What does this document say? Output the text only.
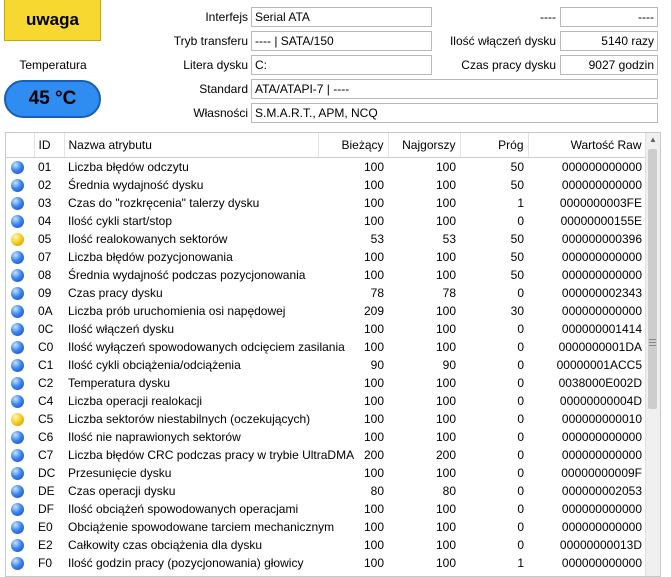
uwaga
Temperatura
45 °C
Interfejs Serial ATA
Tryb transferu ---- | SATA/150
Litera dysku C:
Standard ATA/ATAPI-7 | ----
Własności S.M.A.R.T., APM, NCQ
----	----
Ilość włączeń dysku	5140 razy
Czas pracy dysku	9027 godzin
	ID	Nazwa atrybutu	Bieżący	Najgorszy	Próg	Wartość Raw
	01	Liczba błędów odczytu	100	100	50	000000000000
	02	Średnia wydajność dysku	100	100	50	000000000000
	03	Czas do "rozkręcenia" talerzy dysku	100	100	1	0000000003FE
	04	Ilość cykli start/stop	100	100	0	00000000155E
	05	Ilość realokowanych sektorów	53	53	50	000000000396
	07	Liczba błędów pozycjonowania	100	100	50	000000000000
	08	Średnia wydajność podczas pozycjonowania	100	100	50	000000000000
	09	Czas pracy dysku	78	78	0	000000002343
	0A	Liczba prób uruchomienia osi napędowej	209	100	30	000000000000
	0C	Ilość włączeń dysku	100	100	0	000000001414
	C0	Ilość wyłączeń spowodowanych odcięciem zasilania	100	100	0	0000000001DA
	C1	Ilość cykli obciążenia/odciążenia	90	90	0	00000001ACC5
	C2	Temperatura dysku	100	100	0	0038000E002D
	C4	Liczba operacji realokacji	100	100	0	00000000004D
	C5	Liczba sektorów niestabilnych (oczekujących)	100	100	0	000000000010
	C6	Ilość nie naprawionych sektorów	100	100	0	000000000000
	C7	Liczba błędów CRC podczas pracy w trybie UltraDMA	200	200	0	000000000000
	DC	Przesunięcie dysku	100	100	0	00000000009F
	DE	Czas operacji dysku	80	80	0	000000002053
	DF	Ilość obciążeń spowodowanych operacjami	100	100	0	000000000000
	E0	Obciążenie spowodowane tarciem mechanicznym	100	100	0	000000000000
	E2	Całkowity czas obciążenia dla dysku	100	100	0	00000000013D
	F0	Ilość godzin pracy (pozycjonowania) głowicy	100	100	1	000000000000
▲
